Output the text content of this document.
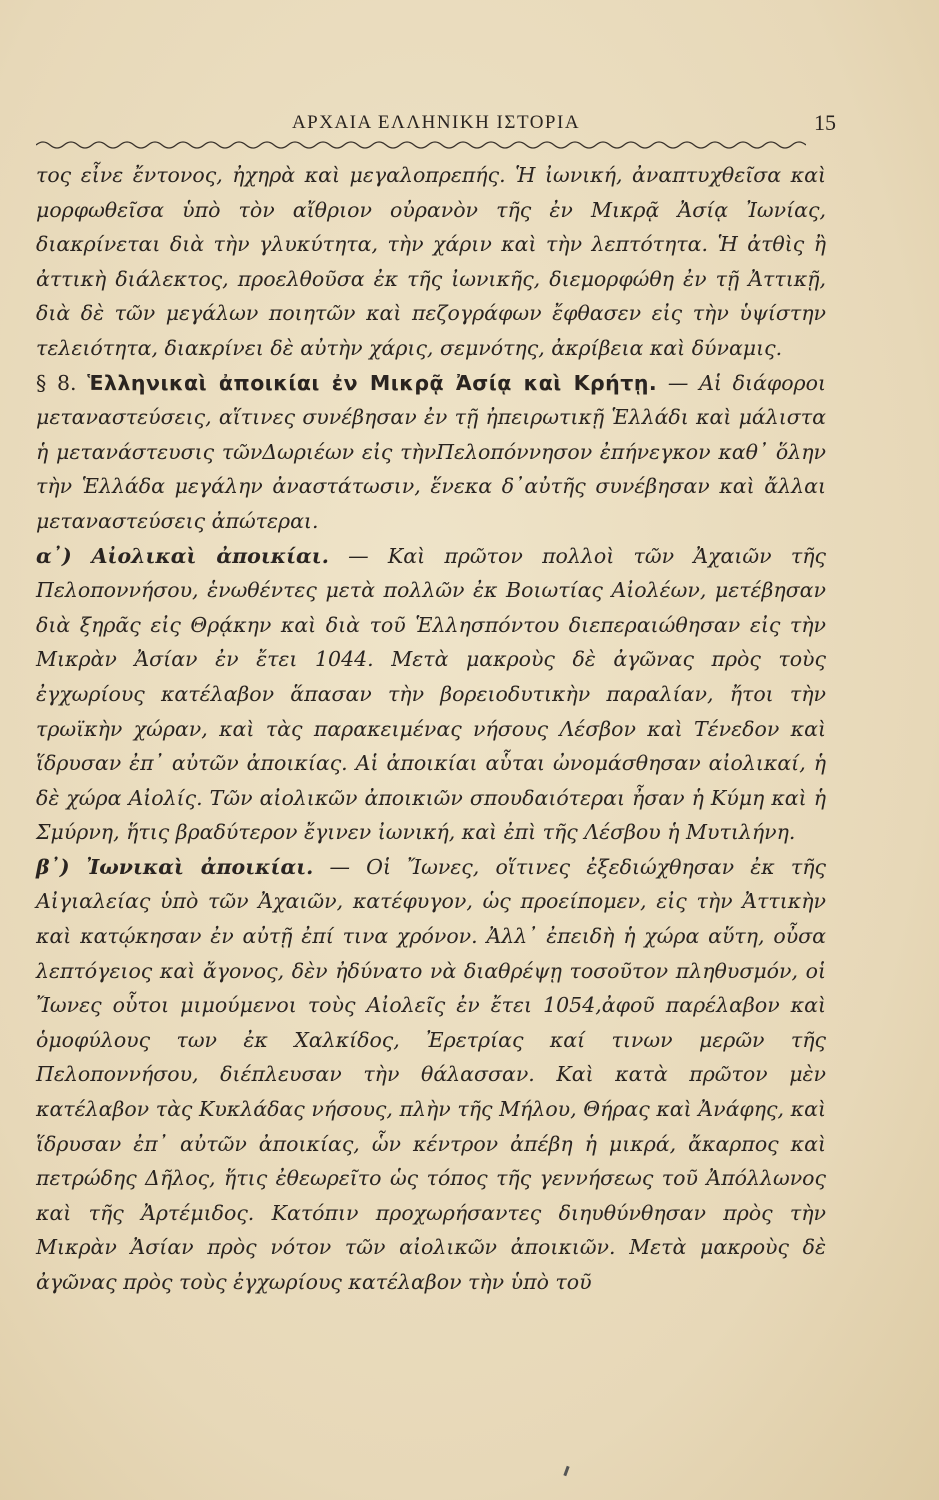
ΑΡΧΑΙΑ ΕΛΛΗΝΙΚΗ ΙΣΤΟΡΙΑ	15

τος εἶνε ἔντονος, ἠχηρὰ καὶ μεγαλοπρεπής. Ἡ ἰωνική, ἀναπτυχθεῖσα καὶ μορφωθεῖσα ὑπὸ τὸν αἴθριον οὐρανὸν τῆς ἐν Μικρᾷ Ἀσίᾳ Ἰωνίας, διακρίνεται διὰ τὴν γλυκύτητα, τὴν χάριν καὶ τὴν λεπτότητα. Ἡ ἀτθὶς ἢ ἀττικὴ διάλεκτος, προελθοῦσα ἐκ τῆς ἰωνικῆς, διεμορφώθη ἐν τῇ Ἀττικῇ, διὰ δὲ τῶν μεγάλων ποιητῶν καὶ πεζογράφων ἔφθασεν εἰς τὴν ὑψίστην τελειότητα, διακρίνει δὲ αὐτὴν χάρις, σεμνότης, ἀκρίβεια καὶ δύναμις.

§ 8. Ἑλληνικαὶ ἀποικίαι ἐν Μικρᾷ Ἀσίᾳ καὶ Κρήτῃ. — Αἱ διάφοροι μεταναστεύσεις, αἵτινες συνέβησαν ἐν τῇ ἠπειρωτικῇ Ἑλλάδι καὶ μάλιστα ἡ μετανάστευσις τῶνΔωριέων εἰς τὴνΠελοπόννησον ἐπήνεγκον καθ᾽ ὅλην τὴν Ἑλλάδα μεγάλην ἀναστάτωσιν, ἕνεκα δ᾽αὐτῆς συνέβησαν καὶ ἄλλαι μεταναστεύσεις ἀπώτεραι.

α᾽) Αἰολικαὶ ἀποικίαι. — Καὶ πρῶτον πολλοὶ τῶν Ἀχαιῶν τῆς Πελοποννήσου, ἑνωθέντες μετὰ πολλῶν ἐκ Βοιωτίας Αἰολέων, μετέβησαν διὰ ξηρᾶς εἰς Θρᾴκην καὶ διὰ τοῦ Ἑλλησπόντου διεπεραιώθησαν εἰς τὴν Μικρὰν Ἀσίαν ἐν ἔτει 1044. Μετὰ μακροὺς δὲ ἀγῶνας πρὸς τοὺς ἐγχωρίους κατέλαβον ἅπασαν τὴν βορειοδυτικὴν παραλίαν, ἤτοι τὴν τρωϊκὴν χώραν, καὶ τὰς παρακειμένας νήσους Λέσβον καὶ Τένεδον καὶ ἵδρυσαν ἐπ᾽ αὐτῶν ἀποικίας. Αἱ ἀποικίαι αὗται ὠνομάσθησαν αἰολικαί, ἡ δὲ χώρα Αἰολίς. Τῶν αἰολικῶν ἀποικιῶν σπουδαιότεραι ἦσαν ἡ Κύμη καὶ ἡ Σμύρνη, ἥτις βραδύτερον ἔγινεν ἰωνική, καὶ ἐπὶ τῆς Λέσβου ἡ Μυτιλήνη.

β᾽) Ἰωνικαὶ ἀποικίαι. — Οἱ Ἴωνες, οἵτινες ἐξεδιώχθησαν ἐκ τῆς Αἰγιαλείας ὑπὸ τῶν Ἀχαιῶν, κατέφυγον, ὡς προείπομεν, εἰς τὴν Ἀττικὴν καὶ κατῴκησαν ἐν αὐτῇ ἐπί τινα χρόνον. Ἀλλ᾽ ἐπειδὴ ἡ χώρα αὕτη, οὖσα λεπτόγειος καὶ ἄγονος, δὲν ἠδύνατο νὰ διαθρέψῃ τοσοῦτον πληθυσμόν, οἱ Ἴωνες οὗτοι μιμούμενοι τοὺς Αἰολεῖς ἐν ἔτει 1054,ἀφοῦ παρέλαβον καὶ ὁμοφύλους των ἐκ Χαλκίδος, Ἐρετρίας καί τινων μερῶν τῆς Πελοποννήσου, διέπλευσαν τὴν θάλασσαν. Καὶ κατὰ πρῶτον μὲν κατέλαβον τὰς Κυκλάδας νήσους, πλὴν τῆς Μήλου, Θήρας καὶ Ἀνάφης, καὶ ἵδρυσαν ἐπ᾽ αὐτῶν ἀποικίας, ὧν κέντρον ἀπέβη ἡ μικρά, ἄκαρπος καὶ πετρώδης Δῆλος, ἥτις ἐθεωρεῖτο ὡς τόπος τῆς γεννήσεως τοῦ Ἀπόλλωνος καὶ τῆς Ἀρτέμιδος. Κατόπιν προχωρήσαντες διηυθύνθησαν πρὸς τὴν Μικρὰν Ἀσίαν πρὸς νότον τῶν αἰολικῶν ἀποικιῶν. Μετὰ μακροὺς δὲ ἀγῶνας πρὸς τοὺς ἐγχωρίους κατέλαβον τὴν ὑπὸ τοῦ
